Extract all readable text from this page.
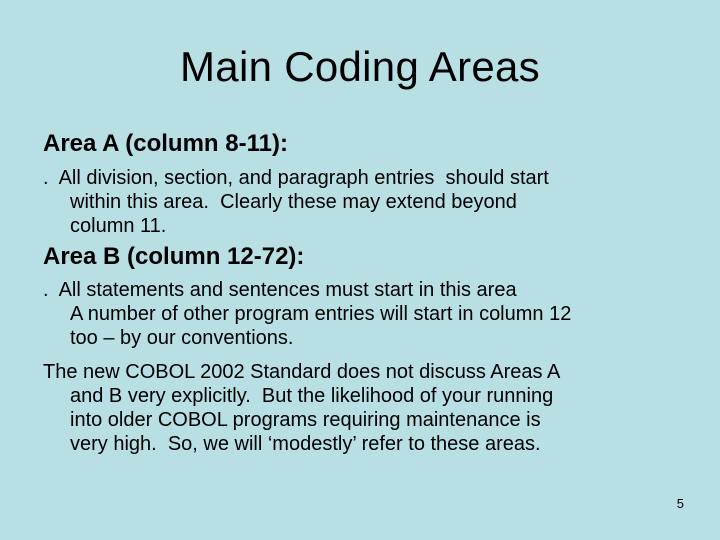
Main Coding Areas
Area A (column 8-11):
.  All division, section, and paragraph entries  should start
within this area.  Clearly these may extend beyond
column 11.
Area B (column 12-72):
.  All statements and sentences must start in this area
A number of other program entries will start in column 12
too – by our conventions.
The new COBOL 2002 Standard does not discuss Areas A
and B very explicitly.  But the likelihood of your running
into older COBOL programs requiring maintenance is
very high.  So, we will ‘modestly’ refer to these areas.
5
